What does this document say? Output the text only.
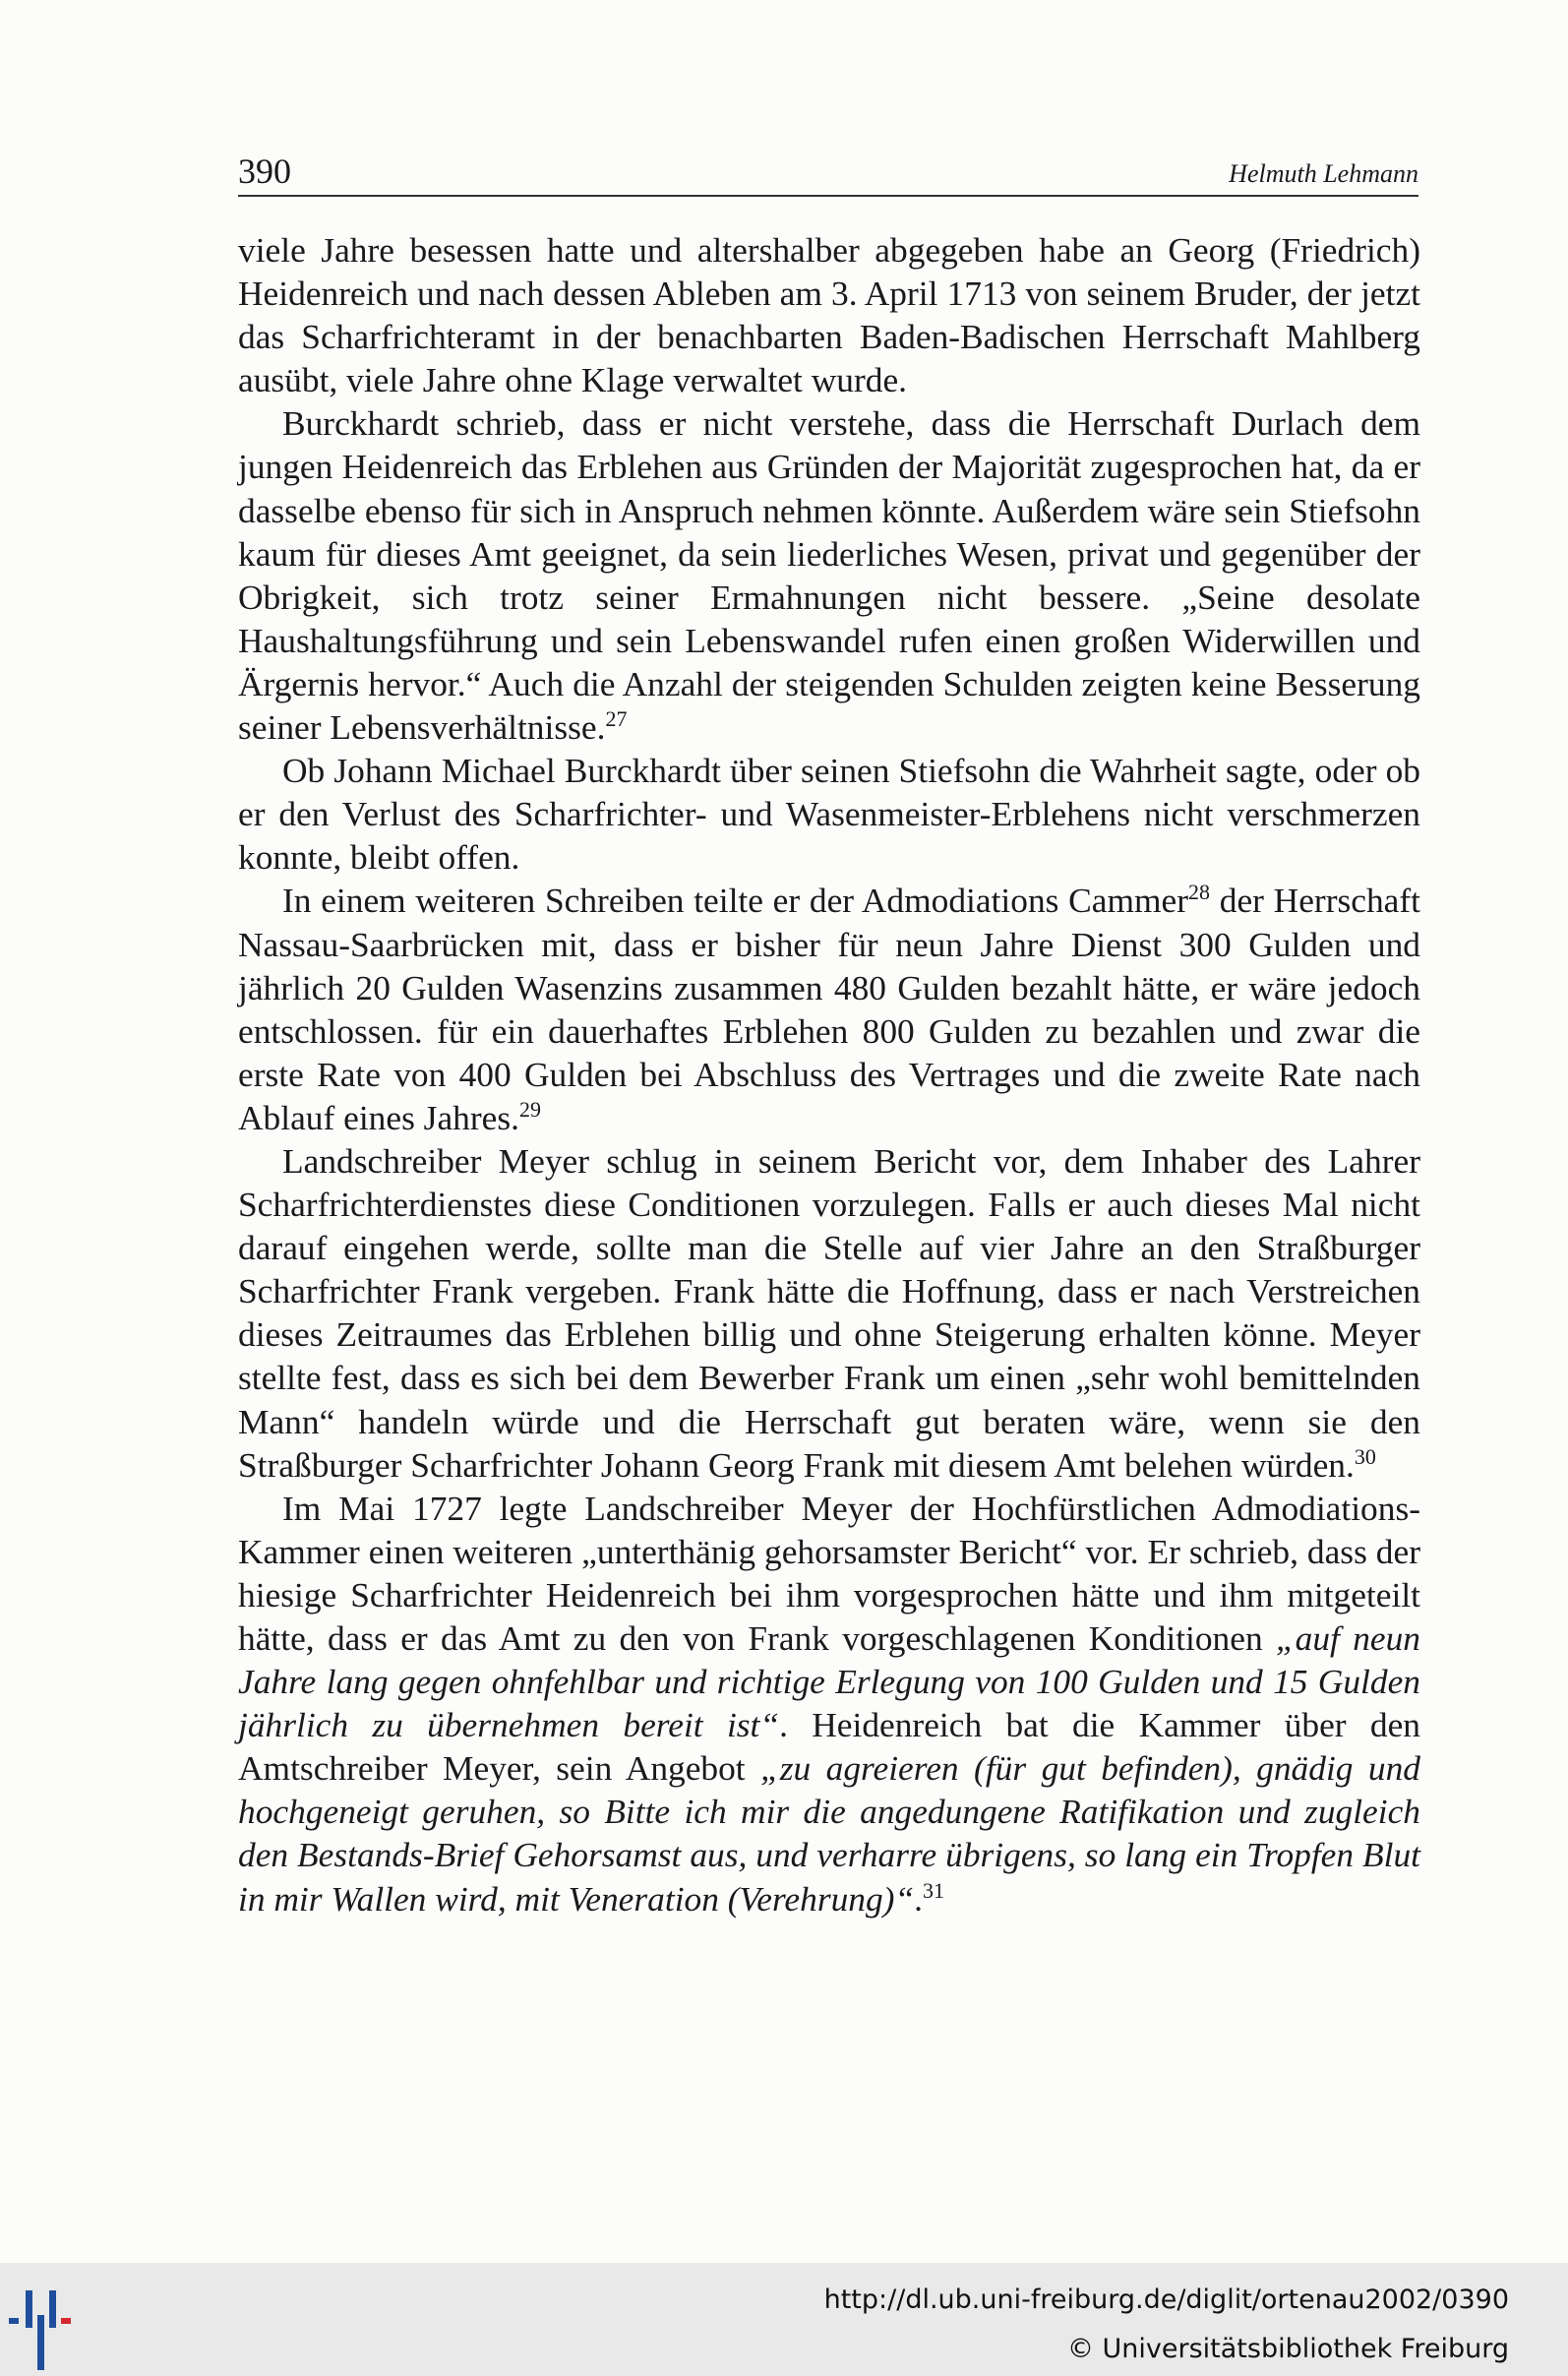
390	Helmuth Lehmann

viele Jahre besessen hatte und altershalber abgegeben habe an Georg (Friedrich) Heidenreich und nach dessen Ableben am 3. April 1713 von seinem Bruder, der jetzt das Scharfrichteramt in der benachbarten Baden-Badischen Herrschaft Mahlberg ausübt, viele Jahre ohne Klage verwaltet wurde.

Burckhardt schrieb, dass er nicht verstehe, dass die Herrschaft Durlach dem jungen Heidenreich das Erblehen aus Gründen der Majorität zugesprochen hat, da er dasselbe ebenso für sich in Anspruch nehmen könnte. Außerdem wäre sein Stiefsohn kaum für dieses Amt geeignet, da sein liederliches Wesen, privat und gegenüber der Obrigkeit, sich trotz seiner Ermahnungen nicht bessere. „Seine desolate Haushaltungsführung und sein Lebenswandel rufen einen großen Widerwillen und Ärgernis hervor.“ Auch die Anzahl der steigenden Schulden zeigten keine Besserung seiner Lebensverhältnisse.$^{27}$

Ob Johann Michael Burckhardt über seinen Stiefsohn die Wahrheit sagte, oder ob er den Verlust des Scharfrichter- und Wasenmeister-Erblehens nicht verschmerzen konnte, bleibt offen.

In einem weiteren Schreiben teilte er der Admodiations Cammer$^{28}$ der Herrschaft Nassau-Saarbrücken mit, dass er bisher für neun Jahre Dienst 300 Gulden und jährlich 20 Gulden Wasenzins zusammen 480 Gulden bezahlt hätte, er wäre jedoch entschlossen. für ein dauerhaftes Erblehen 800 Gulden zu bezahlen und zwar die erste Rate von 400 Gulden bei Abschluss des Vertrages und die zweite Rate nach Ablauf eines Jahres.$^{29}$

Landschreiber Meyer schlug in seinem Bericht vor, dem Inhaber des Lahrer Scharfrichterdienstes diese Conditionen vorzulegen. Falls er auch dieses Mal nicht darauf eingehen werde, sollte man die Stelle auf vier Jahre an den Straßburger Scharfrichter Frank vergeben. Frank hätte die Hoffnung, dass er nach Verstreichen dieses Zeitraumes das Erblehen billig und ohne Steigerung erhalten könne. Meyer stellte fest, dass es sich bei dem Bewerber Frank um einen „sehr wohl bemittelnden Mann“ handeln würde und die Herrschaft gut beraten wäre, wenn sie den Straßburger Scharfrichter Johann Georg Frank mit diesem Amt belehen würden.$^{30}$

Im Mai 1727 legte Landschreiber Meyer der Hochfürstlichen Admodiations-Kammer einen weiteren „unterthänig gehorsamster Bericht“ vor. Er schrieb, dass der hiesige Scharfrichter Heidenreich bei ihm vorgesprochen hätte und ihm mitgeteilt hätte, dass er das Amt zu den von Frank vorgeschlagenen Konditionen „auf neun Jahre lang gegen ohnfehlbar und richtige Erlegung von 100 Gulden und 15 Gulden jährlich zu übernehmen bereit ist“. Heidenreich bat die Kammer über den Amtschreiber Meyer, sein Angebot „zu agreieren (für gut befinden), gnädig und hochgeneigt geruhen, so Bitte ich mir die angedungene Ratifikation und zugleich den Bestands-Brief Gehorsamst aus, und verharre übrigens, so lang ein Tropfen Blut in mir Wallen wird, mit Veneration (Verehrung)“.$^{31}$

http://dl.ub.uni-freiburg.de/diglit/ortenau2002/0390
© Universitätsbibliothek Freiburg
